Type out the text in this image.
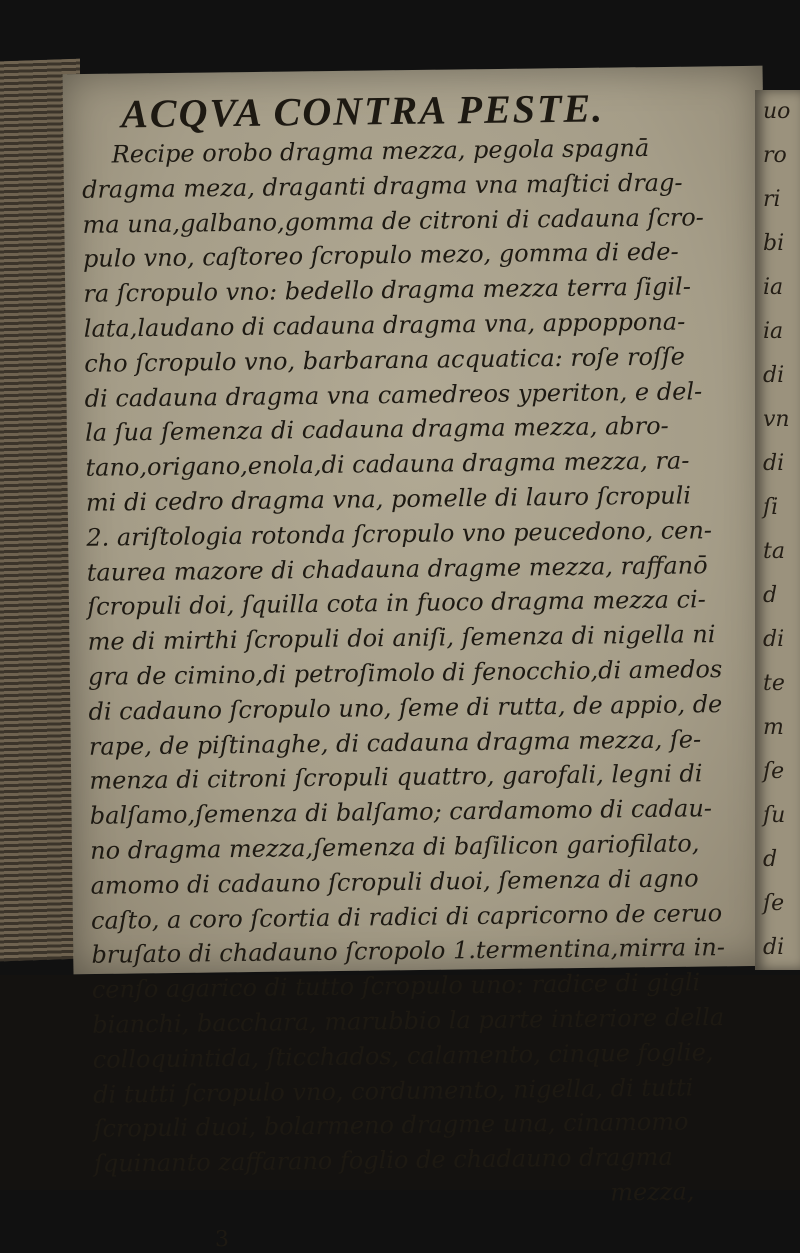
uo
ro
ri
bi
ia
ia
di
vn
di
ſi
ta
d
di
te
m
ſe
ſu
d
ſe
di
ACQVA CONTRA PESTE.
Recipe orobo dragma mezza, pegola spagnā
dragma meza, draganti dragma vna maſtici drag-
ma una,galbano,gomma de citroni di cadauna ſcro-
pulo vno, caſtoreo ſcropulo mezo, gomma di ede-
ra ſcropulo vno: bedello dragma mezza terra ſigil-
lata,laudano di cadauna dragma vna, appoppona-
cho ſcropulo vno, barbarana acquatica: roſe roſſe
di cadauna dragma vna camedreos yperiton, e del-
la ſua ſemenza di cadauna dragma mezza, abro-
tano,origano,enola,di cadauna dragma mezza, ra-
mi di cedro dragma vna, pomelle di lauro ſcropuli
2. ariſtologia rotonda ſcropulo vno peucedono, cen-
taurea mazore di chadauna dragme mezza, raffanō
ſcropuli doi, ſquilla cota in fuoco dragma mezza ci-
me di mirthi ſcropuli doi aniſi, ſemenza di nigella ni
gra de cimino,di petroſimolo di fenocchio,di amedos
di cadauno ſcropulo uno, ſeme di rutta, de appio, de
rape, de piſtinaghe, di cadauna dragma mezza, ſe-
menza di citroni ſcropuli quattro, garofali, legni di
balſamo,ſemenza di balſamo; cardamomo di cadau-
no dragma mezza,ſemenza di baſilicon gariofilato,
amomo di cadauno ſcropuli duoi, ſemenza di agno
caſto, a coro ſcortia di radici di capricorno de ceruo
bruſato di chadauno ſcropolo 1.termentina,mirra in-
cenſo agarico di tutto ſcropulo uno: radice di gigli
bianchi, bacchara, marubbio la parte interiore della
colloquintida, ſticchados, calamento, cinque foglie,
di tutti ſcropulo vno, cordumento, nigella, di tutti
ſcropuli duoi, bolarmeno dragme una, cinamomo
ſquinanto zaffarano foglio de chadauno dragma
mezza,
3
